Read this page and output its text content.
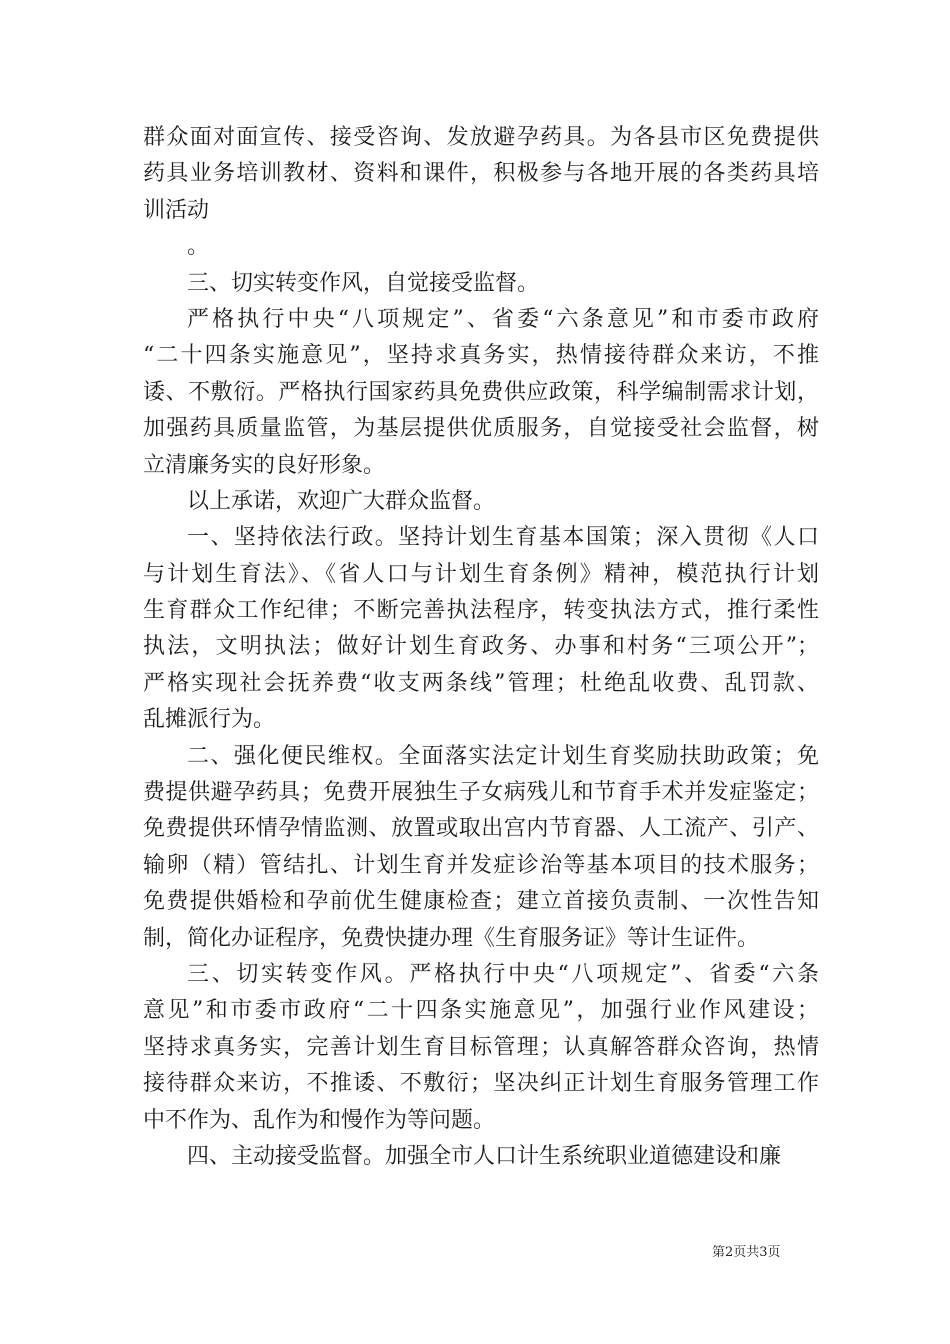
群众面对面宣传、接受咨询、发放避孕药具。为各县市区免费提供
药具业务培训教材、资料和课件，积极参与各地开展的各类药具培
训活动
。
三、切实转变作风，自觉接受监督。
严格执行中央“八项规定”、省委“六条意见”和市委市政府
“二十四条实施意见”，坚持求真务实，热情接待群众来访，不推
诿、不敷衍。严格执行国家药具免费供应政策，科学编制需求计划，
加强药具质量监管，为基层提供优质服务，自觉接受社会监督，树
立清廉务实的良好形象。
以上承诺，欢迎广大群众监督。
一、坚持依法行政。坚持计划生育基本国策；深入贯彻《人口
与计划生育法》、《省人口与计划生育条例》精神，模范执行计划
生育群众工作纪律；不断完善执法程序，转变执法方式，推行柔性
执法，文明执法；做好计划生育政务、办事和村务“三项公开”；
严格实现社会抚养费“收支两条线”管理；杜绝乱收费、乱罚款、
乱摊派行为。
二、强化便民维权。全面落实法定计划生育奖励扶助政策；免
费提供避孕药具；免费开展独生子女病残儿和节育手术并发症鉴定；
免费提供环情孕情监测、放置或取出宫内节育器、人工流产、引产、
输卵（精）管结扎、计划生育并发症诊治等基本项目的技术服务；
免费提供婚检和孕前优生健康检查；建立首接负责制、一次性告知
制，简化办证程序，免费快捷办理《生育服务证》等计生证件。
三、切实转变作风。严格执行中央“八项规定”、省委“六条
意见”和市委市政府“二十四条实施意见”，加强行业作风建设；
坚持求真务实，完善计划生育目标管理；认真解答群众咨询，热情
接待群众来访，不推诿、不敷衍；坚决纠正计划生育服务管理工作
中不作为、乱作为和慢作为等问题。
四、主动接受监督。加强全市人口计生系统职业道德建设和廉
第2页共3页
